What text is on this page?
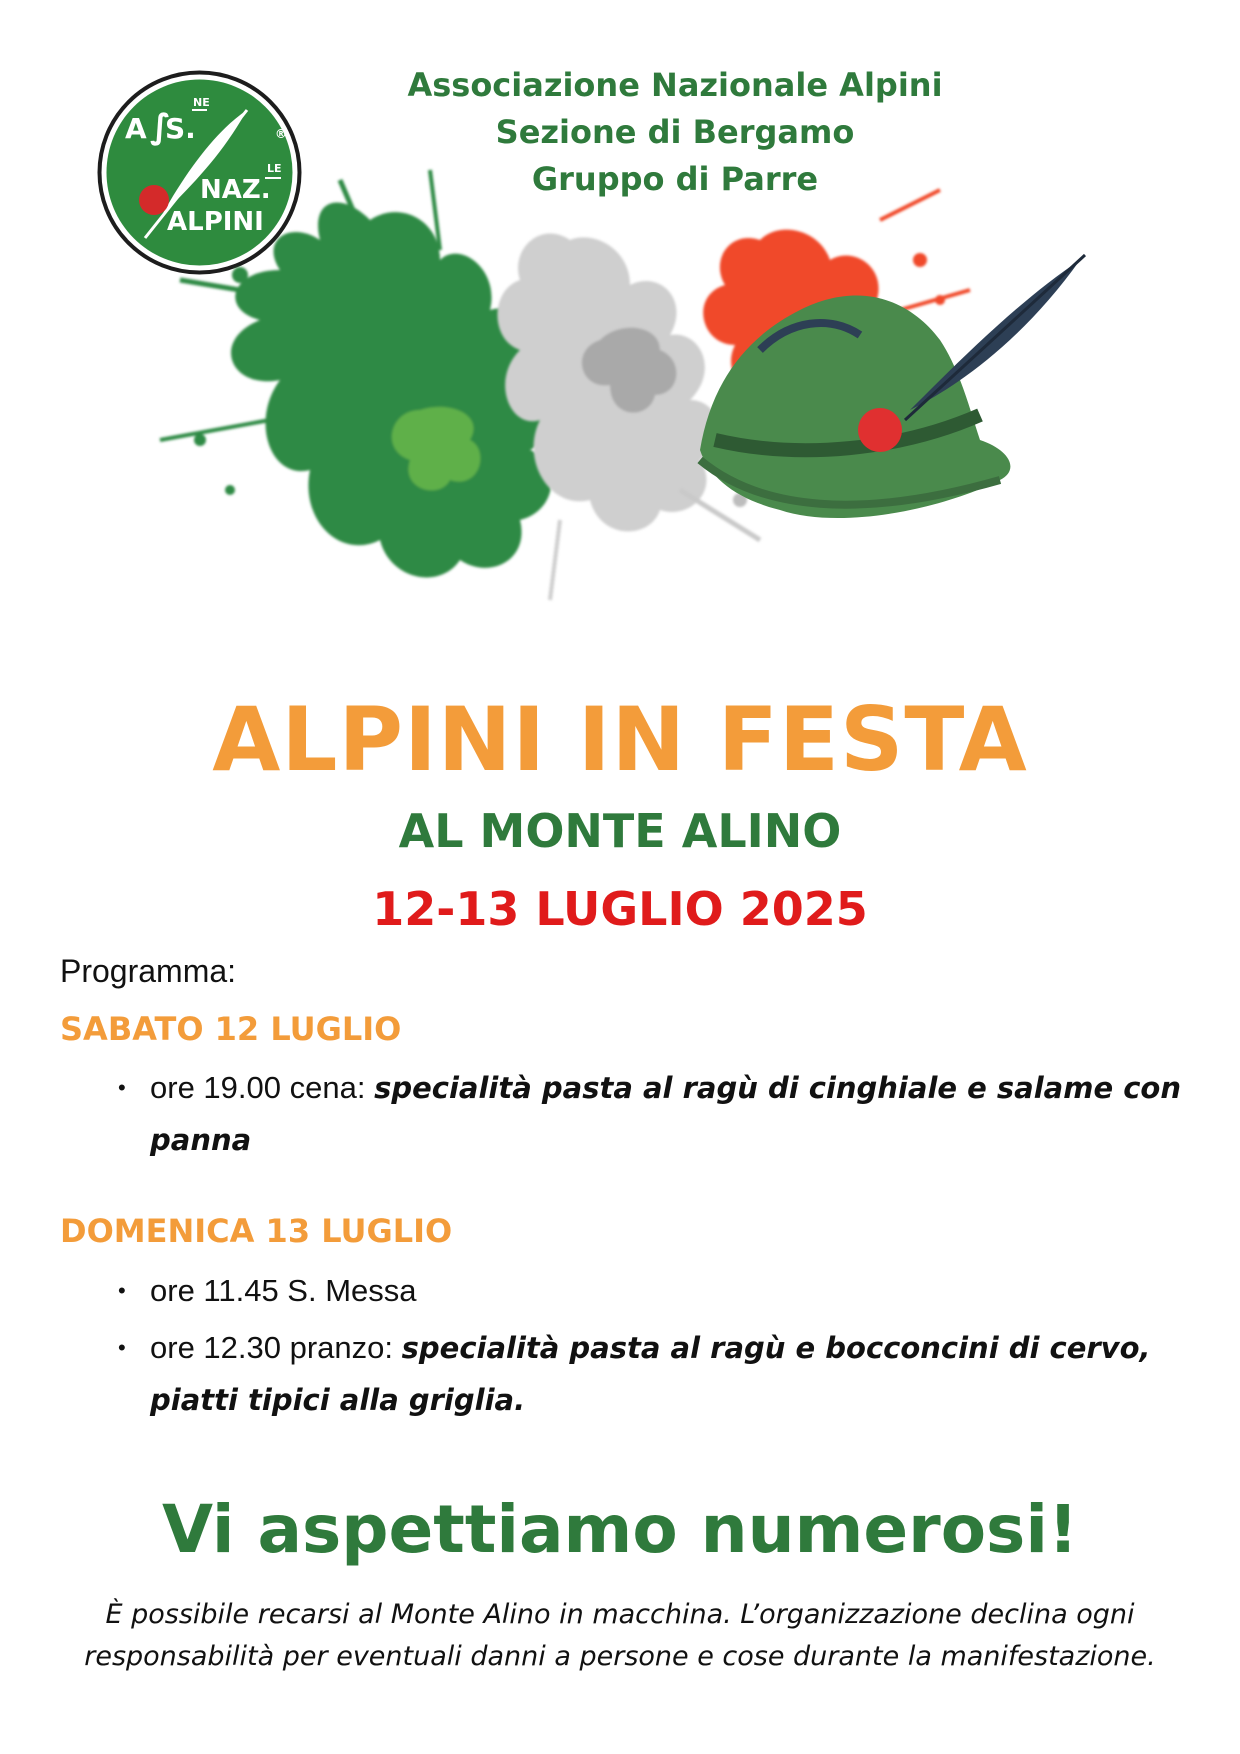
A ∫
S.
NE
NAZ.
LE
ALPINI
®
Associazione Nazionale Alpini
Sezione di Bergamo
Gruppo di Parre
ALPINI IN FESTA
AL MONTE ALINO
12-13 LUGLIO 2025
Programma:
SABATO 12 LUGLIO
• ore 19.00 cena: specialità pasta al ragù di cinghiale e salame con panna
DOMENICA 13 LUGLIO
• ore 11.45 S. Messa
• ore 12.30 pranzo: specialità pasta al ragù e bocconcini di cervo, piatti tipici alla griglia.
Vi aspettiamo numerosi!
È possibile recarsi al Monte Alino in macchina. L’organizzazione declina ogni responsabilità per eventuali danni a persone e cose durante la manifestazione.
